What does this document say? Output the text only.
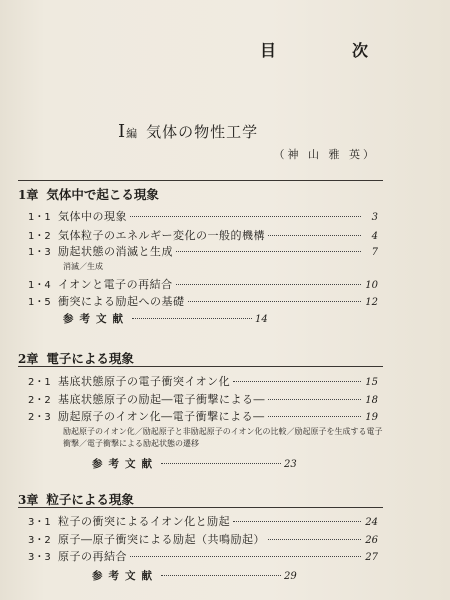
目	次
I編 気体の物性工学
（神 山 雅 英）
1章 気体中で起こる現象
1・1 気体中の現象	3
1・2 気体粒子のエネルギー変化の一般的機構	4
1・3 励起状態の消滅と生成	7
消滅／生成
1・4 イオンと電子の再結合	10
1・5 衝突による励起への基礎	12
参考文献	14
2章 電子による現象
2・1 基底状態原子の電子衝突イオン化	15
2・2 基底状態原子の励起―電子衝撃による―	18
2・3 励起原子のイオン化―電子衝撃による―	19
励起原子のイオン化／励起原子と非励起原子のイオン化の比較／励起原子を生成する電子衝撃／電子衝撃による励起状態の遷移
参考文献	23
3章 粒子による現象
3・1 粒子の衝突によるイオン化と励起	24
3・2 原子―原子衝突による励起（共鳴励起）	26
3・3 原子の再結合	27
参考文献	29
